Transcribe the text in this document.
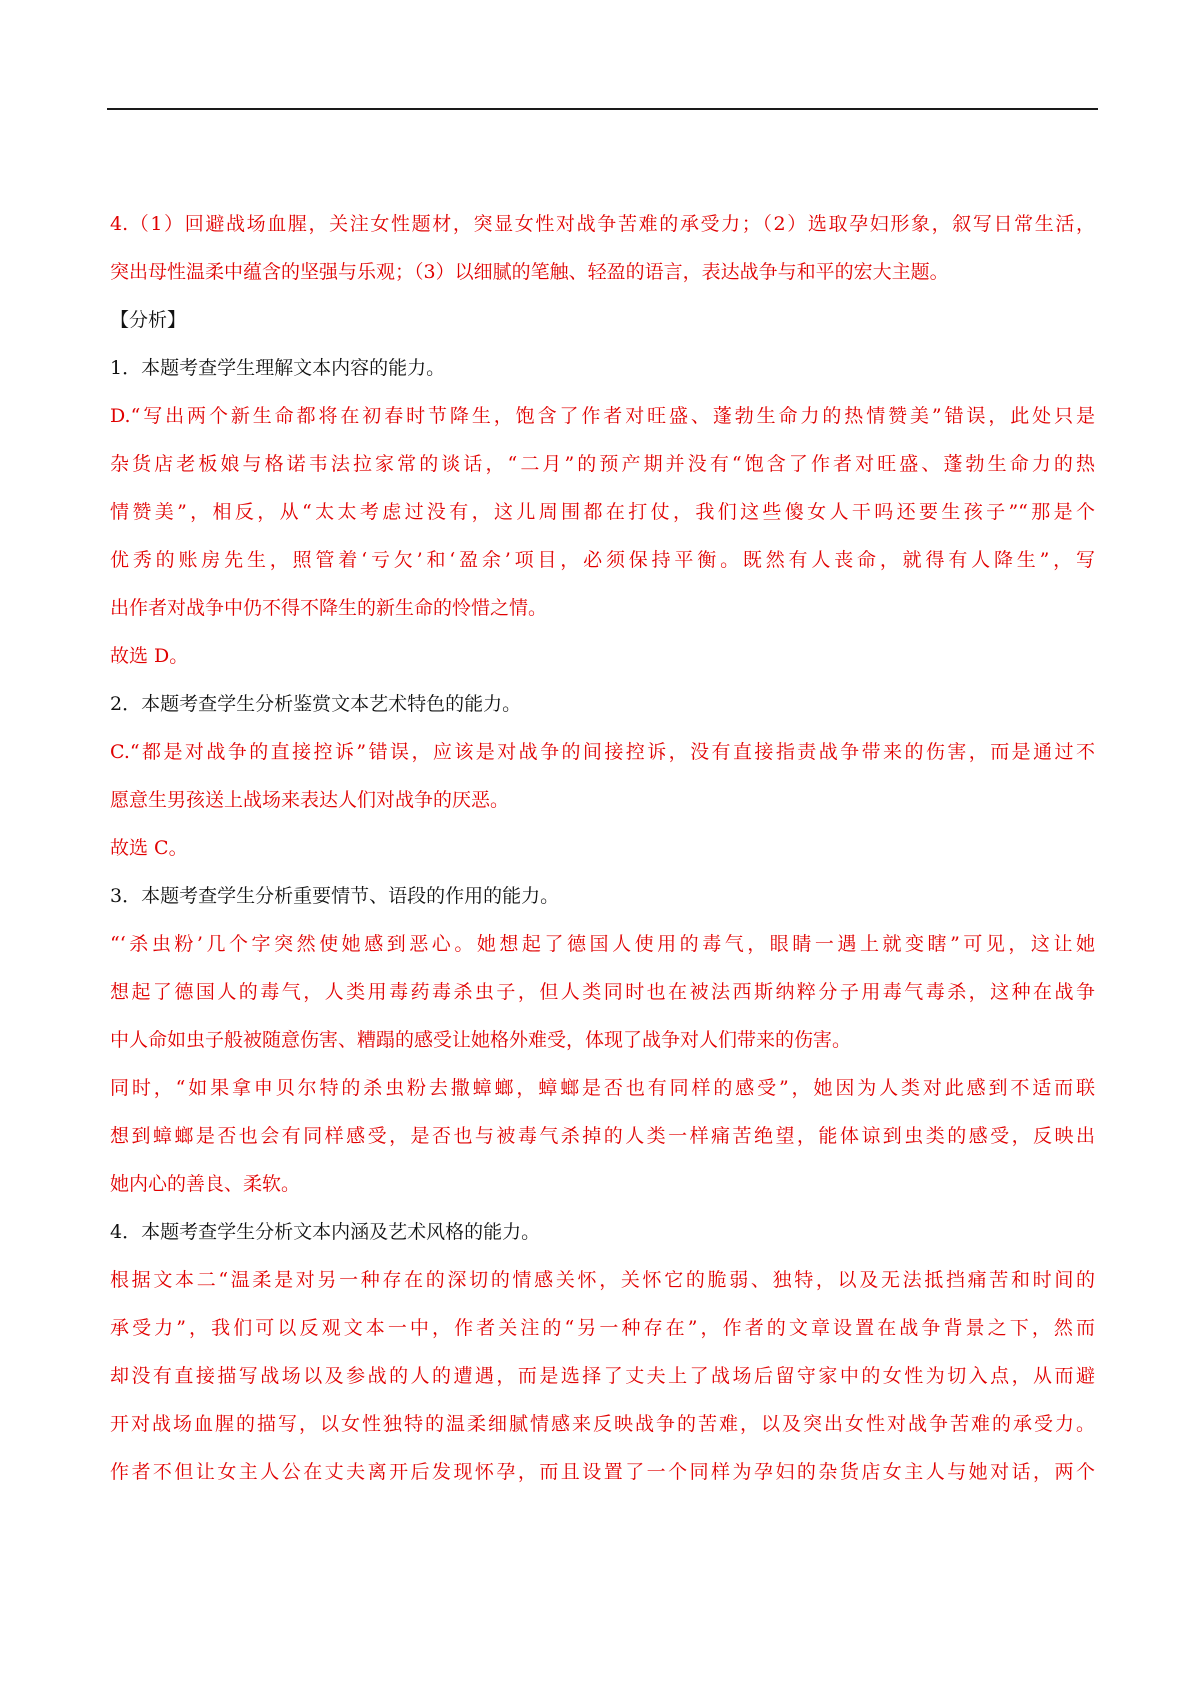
4.（1）回避战场血腥，关注女性题材，突显女性对战争苦难的承受力；（2）选取孕妇形象，叙写日常生活，
突出母性温柔中蕴含的坚强与乐观；（3）以细腻的笔触、轻盈的语言，表达战争与和平的宏大主题。
【分析】
1．本题考查学生理解文本内容的能力。
D.“写出两个新生命都将在初春时节降生，饱含了作者对旺盛、蓬勃生命力的热情赞美”错误，此处只是
杂货店老板娘与格诺韦法拉家常的谈话，“二月”的预产期并没有“饱含了作者对旺盛、蓬勃生命力的热
情赞美”，相反，从“太太考虑过没有，这儿周围都在打仗，我们这些傻女人干吗还要生孩子”“那是个
优秀的账房先生，照管着‘亏欠’和‘盈余’项目，必须保持平衡。既然有人丧命，就得有人降生”，写
出作者对战争中仍不得不降生的新生命的怜惜之情。
故选 D。
2．本题考查学生分析鉴赏文本艺术特色的能力。
C.“都是对战争的直接控诉”错误，应该是对战争的间接控诉，没有直接指责战争带来的伤害，而是通过不
愿意生男孩送上战场来表达人们对战争的厌恶。
故选 C。
3．本题考查学生分析重要情节、语段的作用的能力。
“‘杀虫粉’几个字突然使她感到恶心。她想起了德国人使用的毒气，眼睛一遇上就变瞎”可见，这让她
想起了德国人的毒气，人类用毒药毒杀虫子，但人类同时也在被法西斯纳粹分子用毒气毒杀，这种在战争
中人命如虫子般被随意伤害、糟蹋的感受让她格外难受，体现了战争对人们带来的伤害。
同时，“如果拿申贝尔特的杀虫粉去撒蟑螂，蟑螂是否也有同样的感受”，她因为人类对此感到不适而联
想到蟑螂是否也会有同样感受，是否也与被毒气杀掉的人类一样痛苦绝望，能体谅到虫类的感受，反映出
她内心的善良、柔软。
4．本题考查学生分析文本内涵及艺术风格的能力。
根据文本二“温柔是对另一种存在的深切的情感关怀，关怀它的脆弱、独特，以及无法抵挡痛苦和时间的
承受力”，我们可以反观文本一中，作者关注的“另一种存在”，作者的文章设置在战争背景之下，然而
却没有直接描写战场以及参战的人的遭遇，而是选择了丈夫上了战场后留守家中的女性为切入点，从而避
开对战场血腥的描写，以女性独特的温柔细腻情感来反映战争的苦难，以及突出女性对战争苦难的承受力。
作者不但让女主人公在丈夫离开后发现怀孕，而且设置了一个同样为孕妇的杂货店女主人与她对话，两个
